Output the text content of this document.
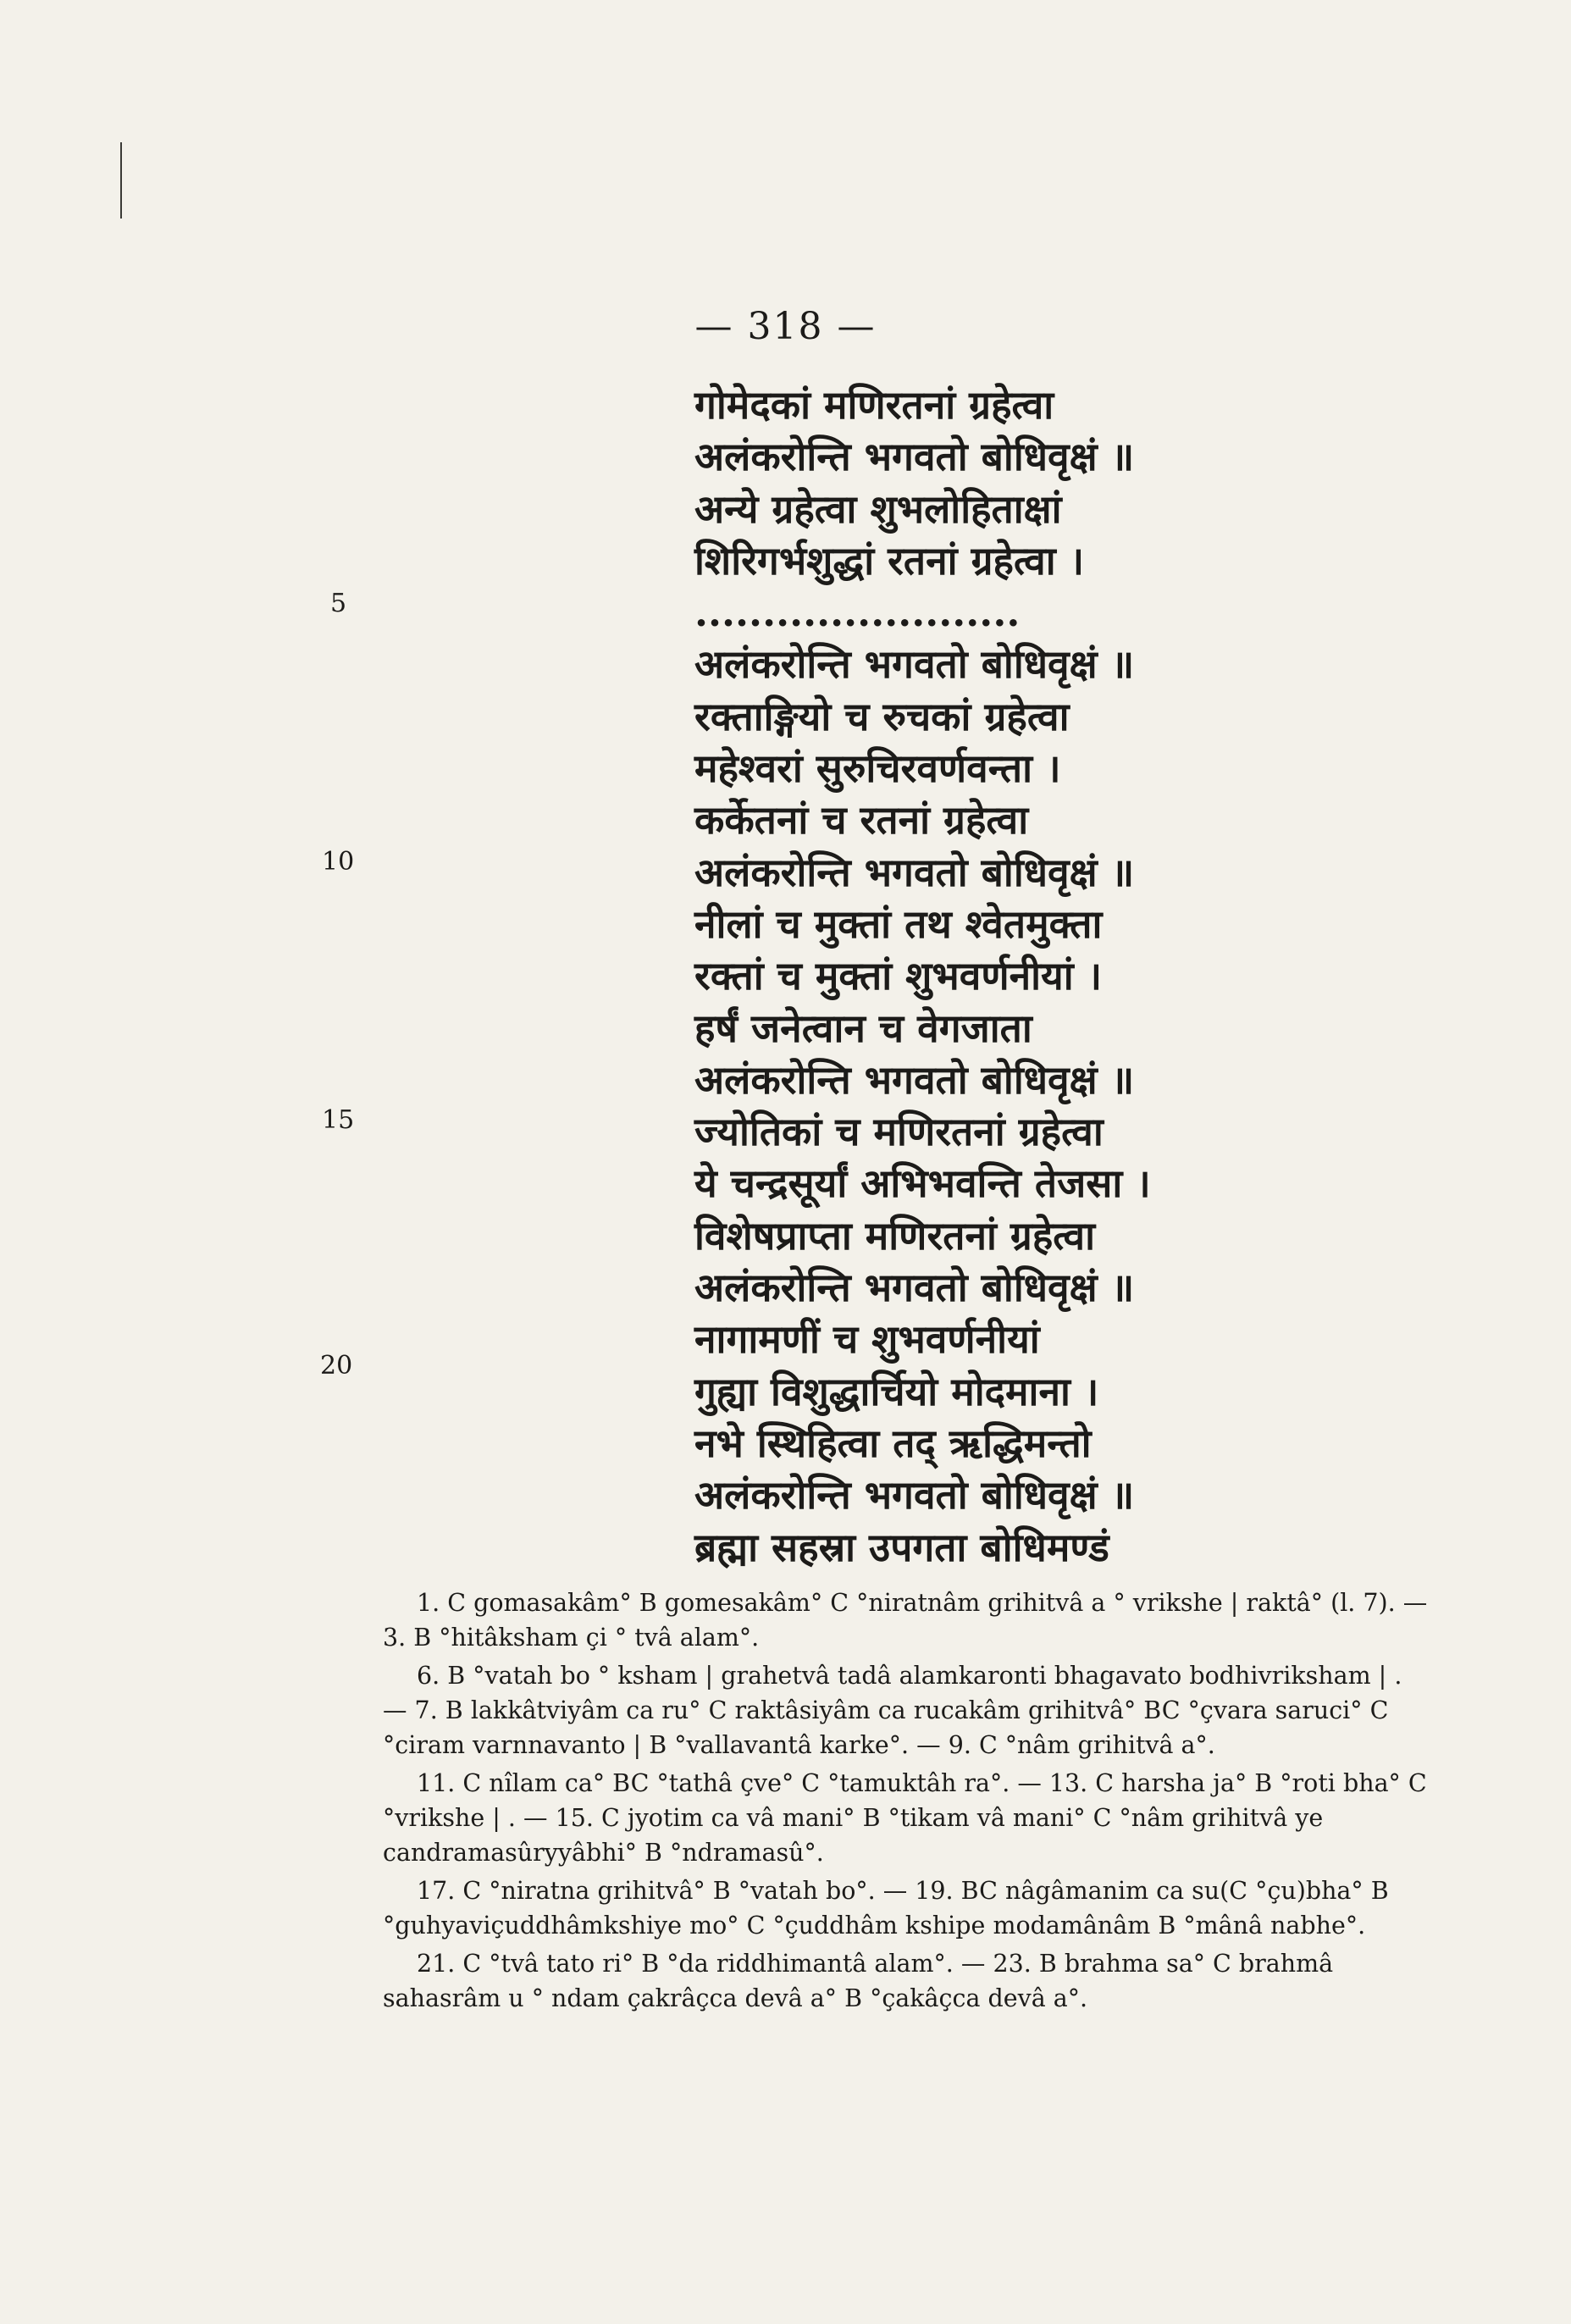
— 318 —
गोमेदकां मणिरतनां ग्रहेत्वा
अलंकरोन्ति भगवतो बोधिवृक्षं ॥
अन्ये ग्रहेत्वा शुभलोहिताक्षां
शिरिगर्भशुद्धां रतनां ग्रहेत्वा ।
........................
अलंकरोन्ति भगवतो बोधिवृक्षं ॥
रक्ताङ्गियो च रुचकां ग्रहेत्वा
महेश्वरां सुरुचिरवर्णवन्ता ।
कर्केतनां च रतनां ग्रहेत्वा
अलंकरोन्ति भगवतो बोधिवृक्षं ॥
नीलां च मुक्तां तथ श्वेतमुक्ता
रक्तां च मुक्तां शुभवर्णनीयां ।
हर्षं जनेत्वान च वेगजाता
अलंकरोन्ति भगवतो बोधिवृक्षं ॥
ज्योतिकां च मणिरतनां ग्रहेत्वा
ये चन्द्रसूर्यां अभिभवन्ति तेजसा ।
विशेषप्राप्ता मणिरतनां ग्रहेत्वा
अलंकरोन्ति भगवतो बोधिवृक्षं ॥
नागामणीं च शुभवर्णनीयां
गुह्या विशुद्धार्चियो मोदमाना ।
नभे स्थिहित्वा तद् ऋद्धिमन्तो
अलंकरोन्ति भगवतो बोधिवृक्षं ॥
ब्रह्मा सहस्रा उपगता बोधिमण्डं
5
10
15
20
1. C gomasakâm° B gomesakâm° C °niratnâm grihitvâ a ° vrikshe | raktâ° (l. 7). — 3. B °hitâksham çi ° tvâ alam°.
6. B °vatah bo ° ksham | grahetvâ tadâ alamkaronti bhagavato bodhivriksham | . — 7. B lakkâtviyâm ca ru° C raktâsiyâm ca rucakâm grihitvâ° BC °çvara saruci° C °ciram varnnavanto | B °vallavantâ karke°. — 9. C °nâm grihitvâ a°.
11. C nîlam ca° BC °tathâ çve° C °tamuktâh ra°. — 13. C harsha ja° B °roti bha° C °vrikshe | . — 15. C jyotim ca vâ mani° B °tikam vâ mani° C °nâm grihitvâ ye candramasûryyâbhi° B °ndramasû°.
17. C °niratna grihitvâ° B °vatah bo°. — 19. BC nâgâmanim ca su(C °çu)bha° B °guhyaviçuddhâmkshiye mo° C °çuddhâm kshipe modamânâm B °mânâ nabhe°.
21. C °tvâ tato ri° B °da riddhimantâ alam°. — 23. B brahma sa° C brahmâ sahasrâm u ° ndam çakrâçca devâ a° B °çakâçca devâ a°.
